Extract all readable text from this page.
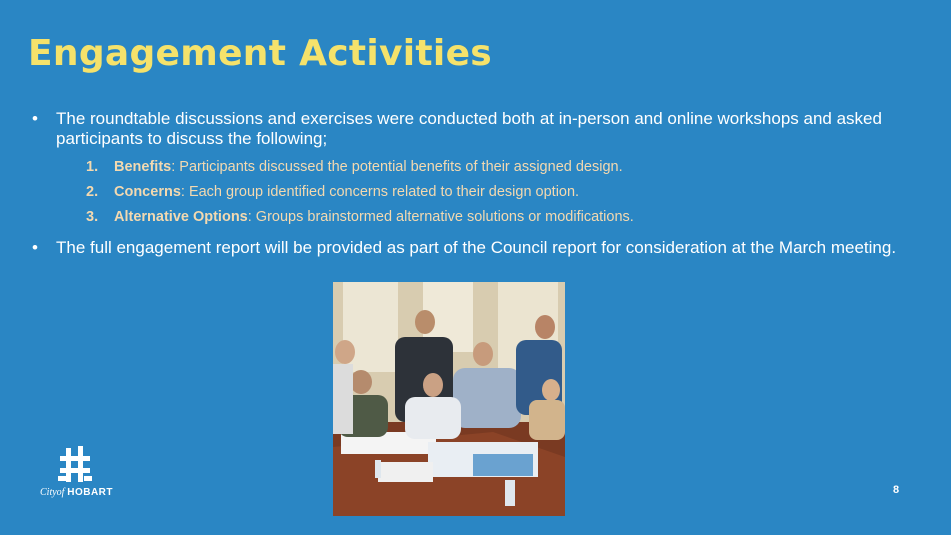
Engagement Activities
• The roundtable discussions and exercises were conducted both at in-person and online workshops and asked participants to discuss the following;
1. Benefits: Participants discussed the potential benefits of their assigned design.
2. Concerns: Each group identified concerns related to their design option.
3. Alternative Options: Groups brainstormed alternative solutions or modifications.
• The full engagement report will be provided as part of the Council report for consideration at the March meeting.
Cityof HOBART	8
